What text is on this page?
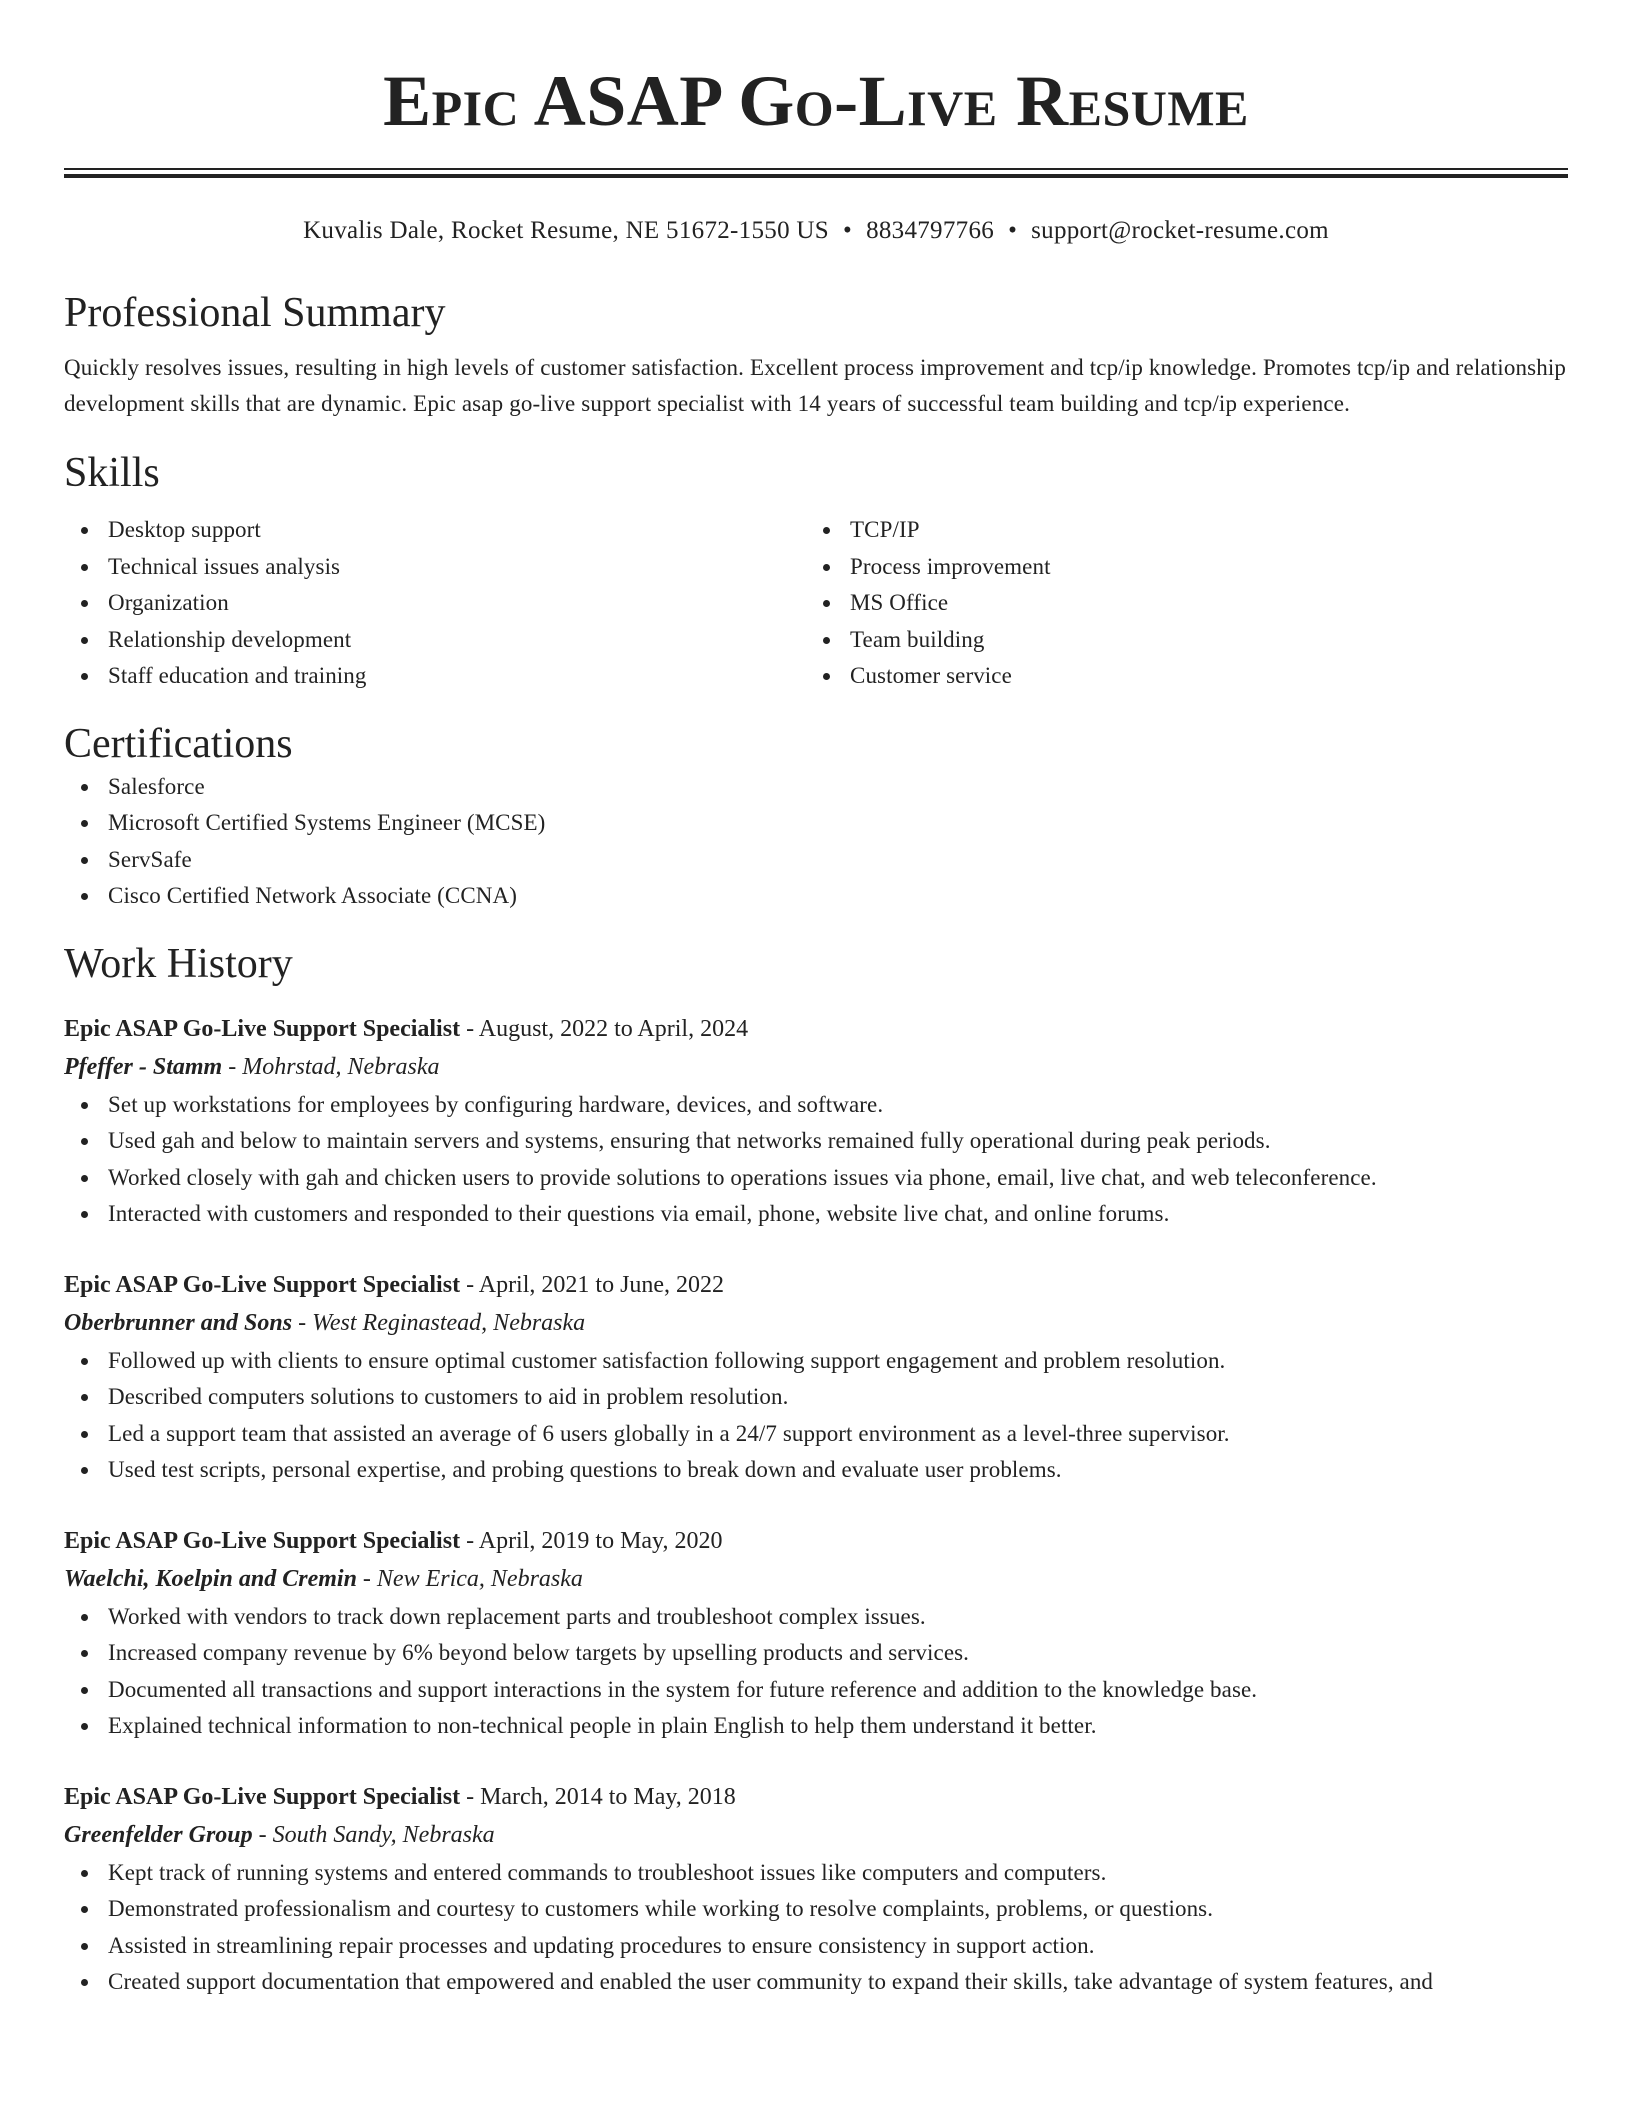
Epic ASAP Go-Live Resume
Kuvalis Dale, Rocket Resume, NE 51672-1550 US • 8834797766 • support@rocket-resume.com
Professional Summary
Quickly resolves issues, resulting in high levels of customer satisfaction. Excellent process improvement and tcp/ip knowledge. Promotes tcp/ip and relationship development skills that are dynamic. Epic asap go-live support specialist with 14 years of successful team building and tcp/ip experience.
Skills
Desktop support
Technical issues analysis
Organization
Relationship development
Staff education and training
TCP/IP
Process improvement
MS Office
Team building
Customer service
Certifications
Salesforce
Microsoft Certified Systems Engineer (MCSE)
ServSafe
Cisco Certified Network Associate (CCNA)
Work History
Epic ASAP Go-Live Support Specialist - August, 2022 to April, 2024
Pfeffer - Stamm - Mohrstad, Nebraska
Set up workstations for employees by configuring hardware, devices, and software.
Used gah and below to maintain servers and systems, ensuring that networks remained fully operational during peak periods.
Worked closely with gah and chicken users to provide solutions to operations issues via phone, email, live chat, and web teleconference.
Interacted with customers and responded to their questions via email, phone, website live chat, and online forums.
Epic ASAP Go-Live Support Specialist - April, 2021 to June, 2022
Oberbrunner and Sons - West Reginastead, Nebraska
Followed up with clients to ensure optimal customer satisfaction following support engagement and problem resolution.
Described computers solutions to customers to aid in problem resolution.
Led a support team that assisted an average of 6 users globally in a 24/7 support environment as a level-three supervisor.
Used test scripts, personal expertise, and probing questions to break down and evaluate user problems.
Epic ASAP Go-Live Support Specialist - April, 2019 to May, 2020
Waelchi, Koelpin and Cremin - New Erica, Nebraska
Worked with vendors to track down replacement parts and troubleshoot complex issues.
Increased company revenue by 6% beyond below targets by upselling products and services.
Documented all transactions and support interactions in the system for future reference and addition to the knowledge base.
Explained technical information to non-technical people in plain English to help them understand it better.
Epic ASAP Go-Live Support Specialist - March, 2014 to May, 2018
Greenfelder Group - South Sandy, Nebraska
Kept track of running systems and entered commands to troubleshoot issues like computers and computers.
Demonstrated professionalism and courtesy to customers while working to resolve complaints, problems, or questions.
Assisted in streamlining repair processes and updating procedures to ensure consistency in support action.
Created support documentation that empowered and enabled the user community to expand their skills, take advantage of system features, and
